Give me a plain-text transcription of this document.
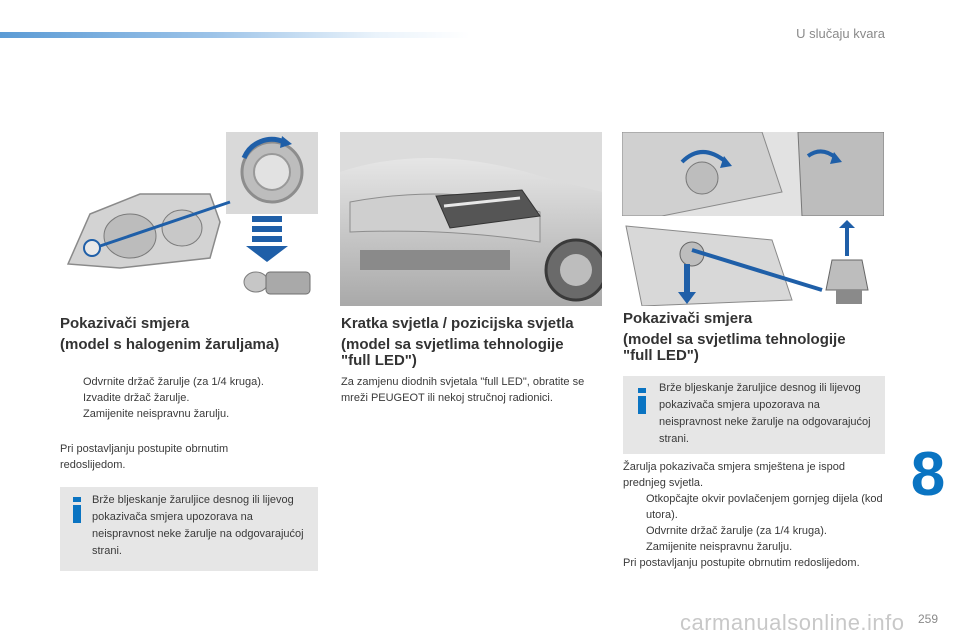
U slučaju kvara
Pokazivači smjera
(model s halogenim žaruljama)
Odvrnite držač žarulje (za 1/4 kruga).
Izvadite držač žarulje.
Zamijenite neispravnu žarulju.

Pri postavljanju postupite obrnutim redoslijedom.

Brže bljeskanje žaruljice desnog ili lijevog pokazivača smjera upozorava na neispravnost neke žarulje na odgovarajućoj strani.

Kratka svjetla / pozicijska svjetla
(model sa svjetlima tehnologije
"full LED")

Za zamjenu diodnih svjetala "full LED", obratite se mreži PEUGEOT ili nekoj stručnoj radionici.

Pokazivači smjera
(model sa svjetlima tehnologije
"full LED")

Brže bljeskanje žaruljice desnog ili lijevog pokazivača smjera upozorava na neispravnost neke žarulje na odgovarajućoj strani.

Žarulja pokazivača smjera smještena je ispod prednjeg svjetla.

Otkopčajte okvir povlačenjem gornjeg dijela (kod utora).
Odvrnite držač žarulje (za 1/4 kruga).
Zamijenite neispravnu žarulju.

Pri postavljanju postupite obrnutim redoslijedom.

8
carmanualsonline.info 259
